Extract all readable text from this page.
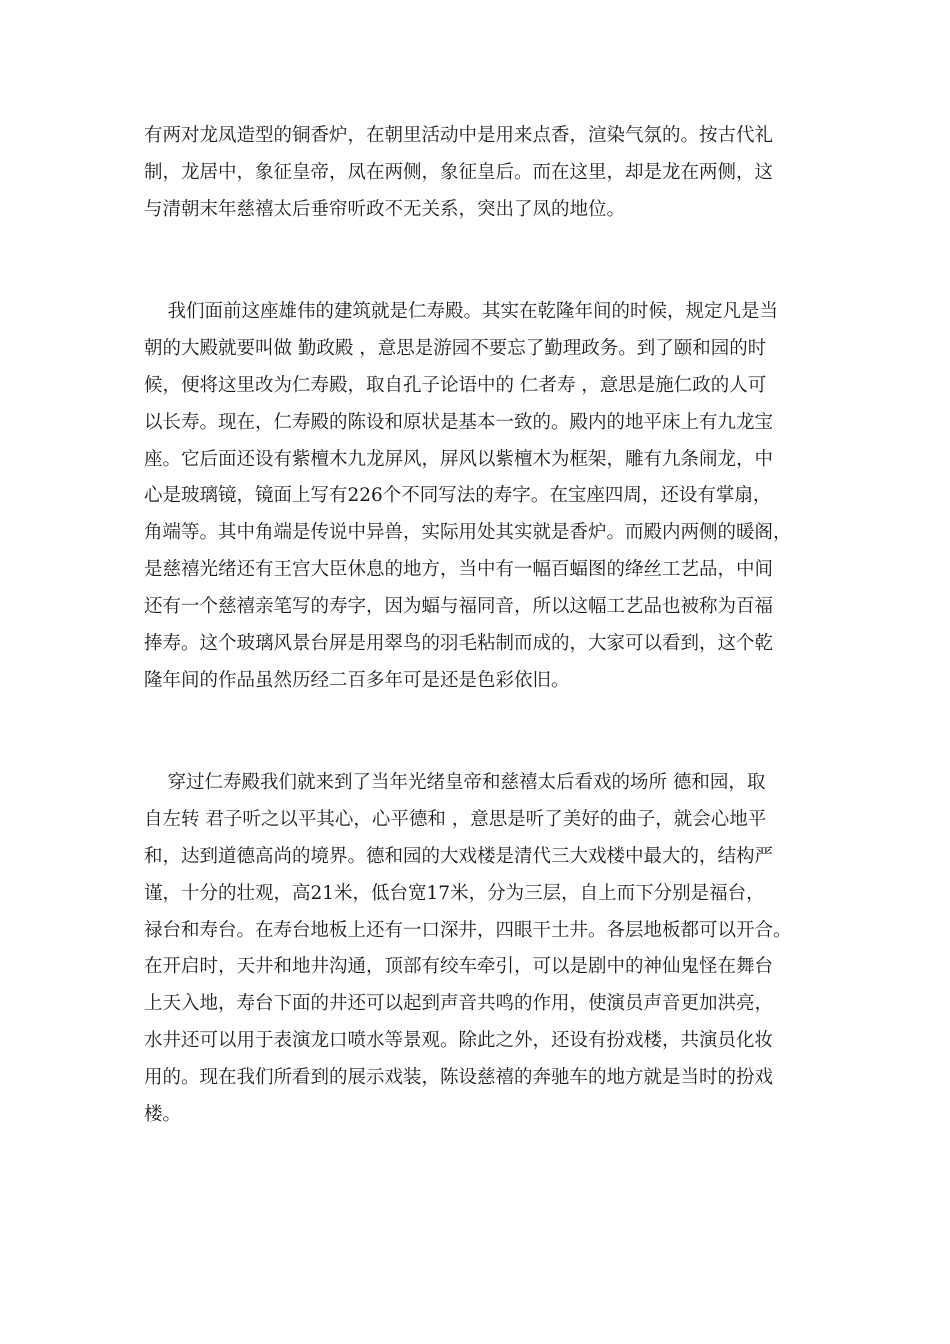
有两对龙凤造型的铜香炉，在朝里活动中是用来点香，渲染气氛的。按古代礼
制，龙居中，象征皇帝，凤在两侧，象征皇后。而在这里，却是龙在两侧，这
与清朝末年慈禧太后垂帘听政不无关系，突出了凤的地位。
我们面前这座雄伟的建筑就是仁寿殿。其实在乾隆年间的时候，规定凡是当
朝的大殿就要叫做 勤政殿 ，意思是游园不要忘了勤理政务。到了颐和园的时
候，便将这里改为仁寿殿，取自孔子论语中的 仁者寿 ，意思是施仁政的人可
以长寿。现在，仁寿殿的陈设和原状是基本一致的。殿内的地平床上有九龙宝
座。它后面还设有紫檀木九龙屏风，屏风以紫檀木为框架，雕有九条闹龙，中
心是玻璃镜，镜面上写有226个不同写法的寿字。在宝座四周，还设有掌扇，
角端等。其中角端是传说中异兽，实际用处其实就是香炉。而殿内两侧的暖阁，
是慈禧光绪还有王宫大臣休息的地方，当中有一幅百蝠图的绛丝工艺品，中间
还有一个慈禧亲笔写的寿字，因为蝠与福同音，所以这幅工艺品也被称为百福
捧寿。这个玻璃风景台屏是用翠鸟的羽毛粘制而成的，大家可以看到，这个乾
隆年间的作品虽然历经二百多年可是还是色彩依旧。
穿过仁寿殿我们就来到了当年光绪皇帝和慈禧太后看戏的场所 德和园，取
自左转 君子听之以平其心，心平德和 ，意思是听了美好的曲子，就会心地平
和，达到道德高尚的境界。德和园的大戏楼是清代三大戏楼中最大的，结构严
谨，十分的壮观，高21米，低台宽17米，分为三层，自上而下分别是福台，
禄台和寿台。在寿台地板上还有一口深井，四眼干土井。各层地板都可以开合。
在开启时，天井和地井沟通，顶部有绞车牵引，可以是剧中的神仙鬼怪在舞台
上天入地，寿台下面的井还可以起到声音共鸣的作用，使演员声音更加洪亮，
水井还可以用于表演龙口喷水等景观。除此之外，还设有扮戏楼，共演员化妆
用的。现在我们所看到的展示戏装，陈设慈禧的奔驰车的地方就是当时的扮戏
楼。
